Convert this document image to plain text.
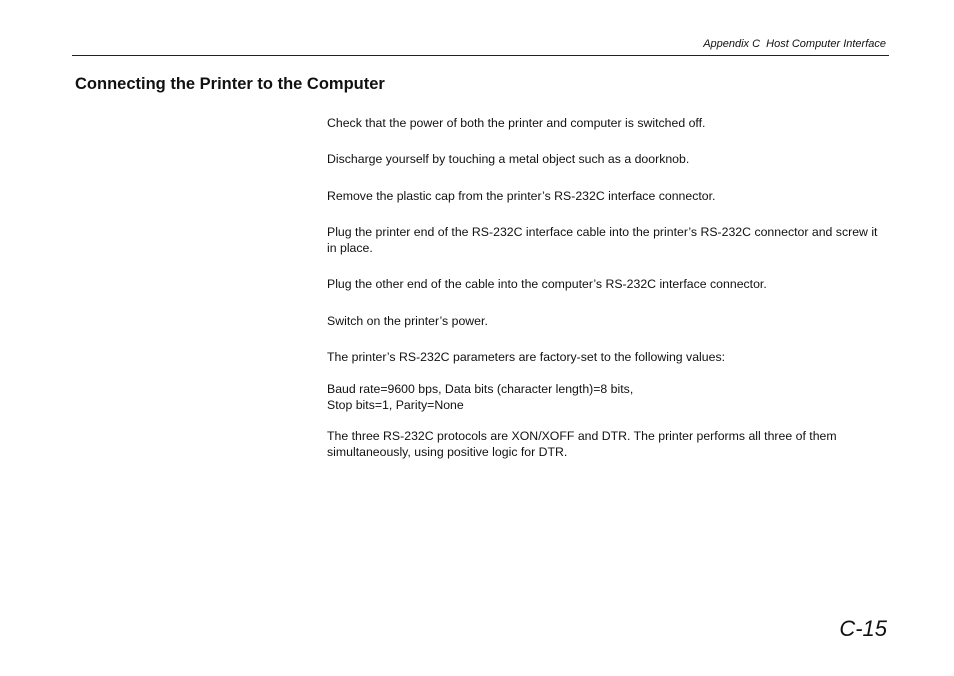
Appendix C  Host Computer Interface
Connecting the Printer to the Computer

Check that the power of both the printer and computer is switched off.

Discharge yourself by touching a metal object such as a doorknob.

Remove the plastic cap from the printer’s RS-232C interface connector.

Plug the printer end of the RS-232C interface cable into the printer’s RS-232C connector and screw it in place.

Plug the other end of the cable into the computer’s RS-232C interface connector.

Switch on the printer’s power.

The printer’s RS-232C parameters are factory-set to the following values:

Baud rate=9600 bps, Data bits (character length)=8 bits,
Stop bits=1, Parity=None

The three RS-232C protocols are XON/XOFF and DTR. The printer performs all three of them simultaneously, using positive logic for DTR.

C-15
